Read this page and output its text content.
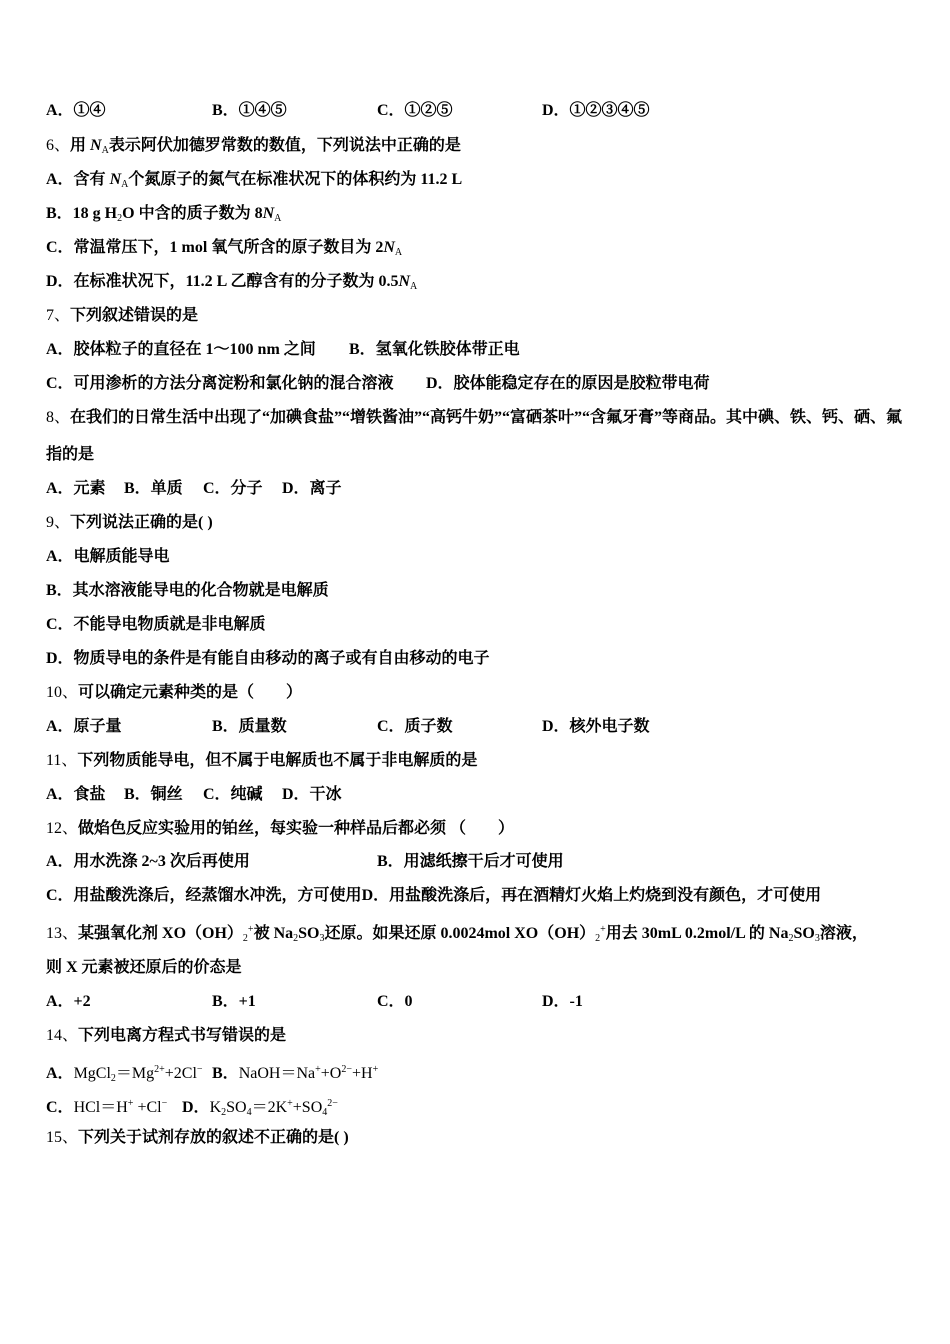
A．①④	B．①④⑤	C．①②⑤	D．①②③④⑤
6、用 $N_A$表示阿伏加德罗常数的数值，下列说法中正确的是
A．含有 $N_A$个氮原子的氮气在标准状况下的体积约为 11.2 L
B．18 g $H_2O$ 中含的质子数为 $8N_A$
C．常温常压下，1 mol 氧气所含的原子数目为 $2N_A$
D．在标准状况下，11.2 L 乙醇含有的分子数为 $0.5N_A$
7、下列叙述错误的是
A．胶体粒子的直径在 1～100 nm 之间 B．氢氧化铁胶体带正电
C．可用渗析的方法分离淀粉和氯化钠的混合溶液 D．胶体能稳定存在的原因是胶粒带电荷
8、在我们的日常生活中出现了“加碘食盐”“增铁酱油”“高钙牛奶”“富硒茶叶”“含氟牙膏”等商品。其中碘、铁、钙、硒、氟
指的是
A．元素 B．单质 C．分子 D．离子
9、下列说法正确的是( )
A．电解质能导电
B．其水溶液能导电的化合物就是电解质
C．不能导电物质就是非电解质
D．物质导电的条件是有能自由移动的离子或有自由移动的电子
10、可以确定元素种类的是（　　）
A．原子量	B．质量数	C．质子数	D．核外电子数
11、下列物质能导电，但不属于电解质也不属于非电解质的是
A．食盐 B．铜丝 C．纯碱 D．干冰
12、做焰色反应实验用的铂丝，每实验一种样品后都必须 （　　）
A．用水洗涤 2~3 次后再使用	B．用滤纸擦干后才可使用
C．用盐酸洗涤后，经蒸馏水冲洗，方可使用D．用盐酸洗涤后，再在酒精灯火焰上灼烧到没有颜色，才可使用
13、某强氧化剂 $XO(OH)_2^+$被 $Na_2SO_3$还原。如果还原 0.0024mol $XO(OH)_2^+$用去 30mL 0.2mol/L 的 $Na_2SO_3$溶液，
则 X 元素被还原后的价态是
A．+2	B．+1	C．0	D．-1
14、下列电离方程式书写错误的是
A．$MgCl_2=Mg^{2+}+2Cl^-$ B．$NaOH=Na^++O^{2-}+H^+$
C．HCl＝H+ +Cl− D．$K_2SO_4=2K^++SO_4^{2-}$
15、下列关于试剂存放的叙述不正确的是( )
